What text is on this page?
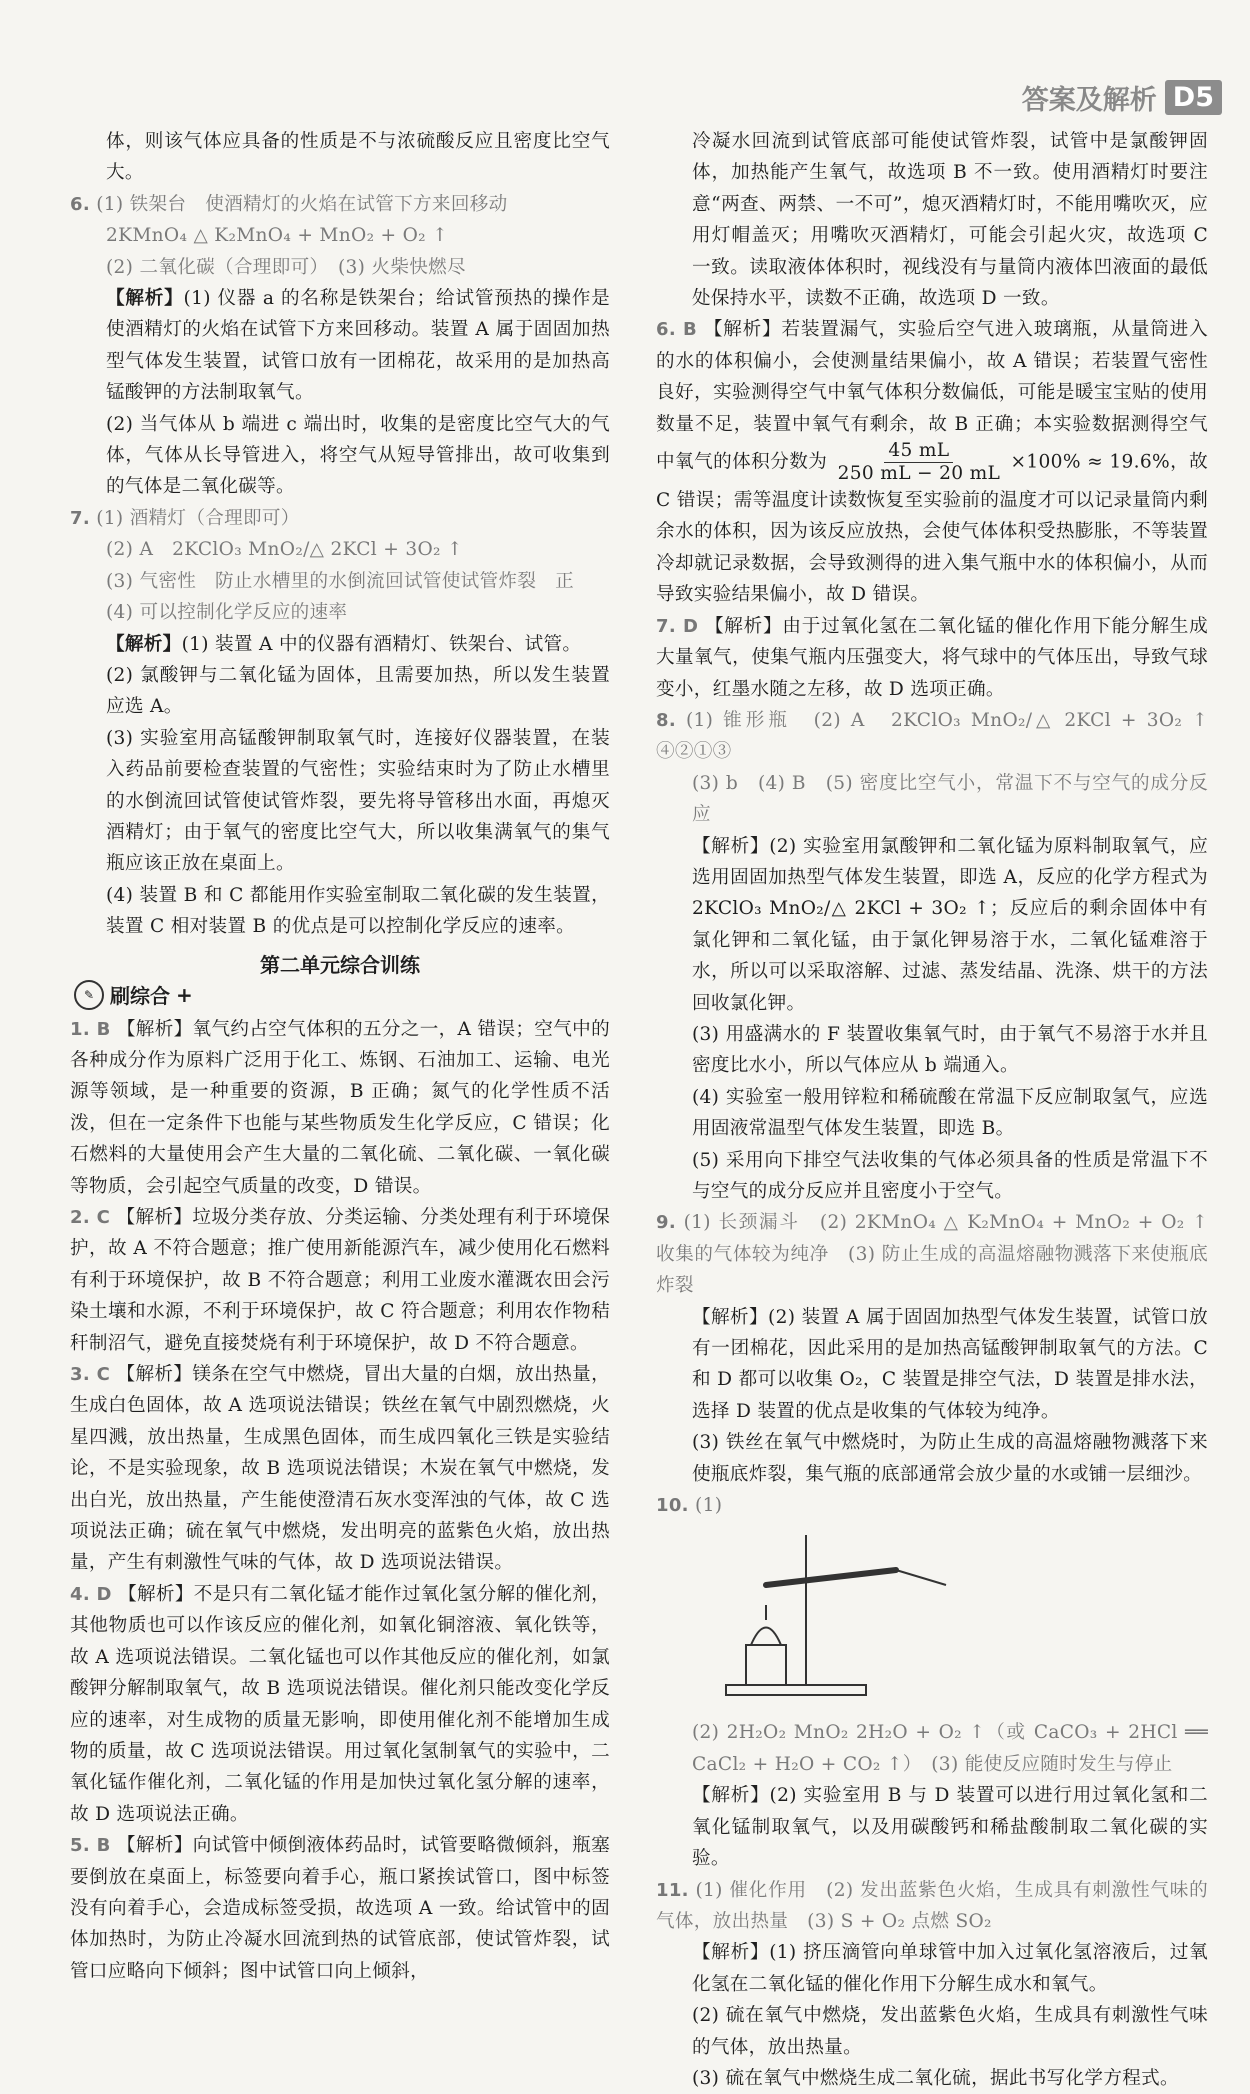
答案及解析 D5

体，则该气体应具备的性质是不与浓硫酸反应且密度比空气大。

6. (1) 铁架台　使酒精灯的火焰在试管下方来回移动

2KMnO₄ △ K₂MnO₄ + MnO₂ + O₂ ↑

(2) 二氧化碳（合理即可）　(3) 火柴快燃尽

【解析】(1) 仪器 a 的名称是铁架台；给试管预热的操作是使酒精灯的火焰在试管下方来回移动。装置 A 属于固固加热型气体发生装置，试管口放有一团棉花，故采用的是加热高锰酸钾的方法制取氧气。

(2) 当气体从 b 端进 c 端出时，收集的是密度比空气大的气体，气体从长导管进入，将空气从短导管排出，故可收集到的气体是二氧化碳等。

7. (1) 酒精灯（合理即可）

(2) A　2KClO₃ MnO₂/△ 2KCl + 3O₂ ↑

(3) 气密性　防止水槽里的水倒流回试管使试管炸裂　正

(4) 可以控制化学反应的速率

【解析】(1) 装置 A 中的仪器有酒精灯、铁架台、试管。

(2) 氯酸钾与二氧化锰为固体，且需要加热，所以发生装置应选 A。

(3) 实验室用高锰酸钾制取氧气时，连接好仪器装置，在装入药品前要检查装置的气密性；实验结束时为了防止水槽里的水倒流回试管使试管炸裂，要先将导管移出水面，再熄灭酒精灯；由于氧气的密度比空气大，所以收集满氧气的集气瓶应该正放在桌面上。

(4) 装置 B 和 C 都能用作实验室制取二氧化碳的发生装置，装置 C 相对装置 B 的优点是可以控制化学反应的速率。

第二单元综合训练
✎ 刷综合 +

1. B 【解析】氧气约占空气体积的五分之一，A 错误；空气中的各种成分作为原料广泛用于化工、炼钢、石油加工、运输、电光源等领域，是一种重要的资源，B 正确；氮气的化学性质不活泼，但在一定条件下也能与某些物质发生化学反应，C 错误；化石燃料的大量使用会产生大量的二氧化硫、二氧化碳、一氧化碳等物质，会引起空气质量的改变，D 错误。

2. C 【解析】垃圾分类存放、分类运输、分类处理有利于环境保护，故 A 不符合题意；推广使用新能源汽车，减少使用化石燃料有利于环境保护，故 B 不符合题意；利用工业废水灌溉农田会污染土壤和水源，不利于环境保护，故 C 符合题意；利用农作物秸秆制沼气，避免直接焚烧有利于环境保护，故 D 不符合题意。

3. C 【解析】镁条在空气中燃烧，冒出大量的白烟，放出热量，生成白色固体，故 A 选项说法错误；铁丝在氧气中剧烈燃烧，火星四溅，放出热量，生成黑色固体，而生成四氧化三铁是实验结论，不是实验现象，故 B 选项说法错误；木炭在氧气中燃烧，发出白光，放出热量，产生能使澄清石灰水变浑浊的气体，故 C 选项说法正确；硫在氧气中燃烧，发出明亮的蓝紫色火焰，放出热量，产生有刺激性气味的气体，故 D 选项说法错误。

4. D 【解析】不是只有二氧化锰才能作过氧化氢分解的催化剂，其他物质也可以作该反应的催化剂，如氧化铜溶液、氧化铁等，故 A 选项说法错误。二氧化锰也可以作其他反应的催化剂，如氯酸钾分解制取氧气，故 B 选项说法错误。催化剂只能改变化学反应的速率，对生成物的质量无影响，即使用催化剂不能增加生成物的质量，故 C 选项说法错误。用过氧化氢制氧气的实验中，二氧化锰作催化剂，二氧化锰的作用是加快过氧化氢分解的速率，故 D 选项说法正确。

5. B 【解析】向试管中倾倒液体药品时，试管要略微倾斜，瓶塞要倒放在桌面上，标签要向着手心，瓶口紧挨试管口，图中标签没有向着手心，会造成标签受损，故选项 A 一致。给试管中的固体加热时，为防止冷凝水回流到热的试管底部，使试管炸裂，试管口应略向下倾斜；图中试管口向上倾斜，

冷凝水回流到试管底部可能使试管炸裂，试管中是氯酸钾固体，加热能产生氧气，故选项 B 不一致。使用酒精灯时要注意“两查、两禁、一不可”，熄灭酒精灯时，不能用嘴吹灭，应用灯帽盖灭；用嘴吹灭酒精灯，可能会引起火灾，故选项 C 一致。读取液体体积时，视线没有与量筒内液体凹液面的最低处保持水平，读数不正确，故选项 D 一致。

6. B 【解析】若装置漏气，实验后空气进入玻璃瓶，从量筒进入的水的体积偏小，会使测量结果偏小，故 A 错误；若装置气密性良好，实验测得空气中氧气体积分数偏低，可能是暖宝宝贴的使用数量不足，装置中氧气有剩余，故 B 正确；本实验数据测得空气中氧气的体积分数为 $\frac{45 mL}{250 mL - 20 mL} \times 100\% \approx 19.6\%$，故 C 错误；需等温度计读数恢复至实验前的温度才可以记录量筒内剩余水的体积，因为该反应放热，会使气体体积受热膨胀，不等装置冷却就记录数据，会导致测得的进入集气瓶中水的体积偏小，从而导致实验结果偏小，故 D 错误。

7. D 【解析】由于过氧化氢在二氧化锰的催化作用下能分解生成大量氧气，使集气瓶内压强变大，将气球中的气体压出，导致气球变小，红墨水随之左移，故 D 选项正确。

8. (1) 锥形瓶　(2) A　2KClO₃ MnO₂/△ 2KCl + 3O₂ ↑　④②①③

(3) b　(4) B　(5) 密度比空气小，常温下不与空气的成分反应

【解析】(2) 实验室用氯酸钾和二氧化锰为原料制取氧气，应选用固固加热型气体发生装置，即选 A，反应的化学方程式为 2KClO₃ MnO₂/△ 2KCl + 3O₂ ↑；反应后的剩余固体中有氯化钾和二氧化锰，由于氯化钾易溶于水，二氧化锰难溶于水，所以可以采取溶解、过滤、蒸发结晶、洗涤、烘干的方法回收氯化钾。

(3) 用盛满水的 F 装置收集氧气时，由于氧气不易溶于水并且密度比水小，所以气体应从 b 端通入。

(4) 实验室一般用锌粒和稀硫酸在常温下反应制取氢气，应选用固液常温型气体发生装置，即选 B。

(5) 采用向下排空气法收集的气体必须具备的性质是常温下不与空气的成分反应并且密度小于空气。

9. (1) 长颈漏斗　(2) 2KMnO₄ △ K₂MnO₄ + MnO₂ + O₂ ↑　收集的气体较为纯净　(3) 防止生成的高温熔融物溅落下来使瓶底炸裂

【解析】(2) 装置 A 属于固固加热型气体发生装置，试管口放有一团棉花，因此采用的是加热高锰酸钾制取氧气的方法。C 和 D 都可以收集 O₂，C 装置是排空气法，D 装置是排水法，选择 D 装置的优点是收集的气体较为纯净。

(3) 铁丝在氧气中燃烧时，为防止生成的高温熔融物溅落下来使瓶底炸裂，集气瓶的底部通常会放少量的水或铺一层细沙。

10. (1)

(2) 2H₂O₂ MnO₂ 2H₂O + O₂ ↑（或 CaCO₃ + 2HCl ══ CaCl₂ + H₂O + CO₂ ↑）　(3) 能使反应随时发生与停止

【解析】(2) 实验室用 B 与 D 装置可以进行用过氧化氢和二氧化锰制取氧气，以及用碳酸钙和稀盐酸制取二氧化碳的实验。

11. (1) 催化作用　(2) 发出蓝紫色火焰，生成具有刺激性气味的气体，放出热量　(3) S + O₂ 点燃 SO₂

【解析】(1) 挤压滴管向单球管中加入过氧化氢溶液后，过氧化氢在二氧化锰的催化作用下分解生成水和氧气。

(2) 硫在氧气中燃烧，发出蓝紫色火焰，生成具有刺激性气味的气体，放出热量。

(3) 硫在氧气中燃烧生成二氧化硫，据此书写化学方程式。
